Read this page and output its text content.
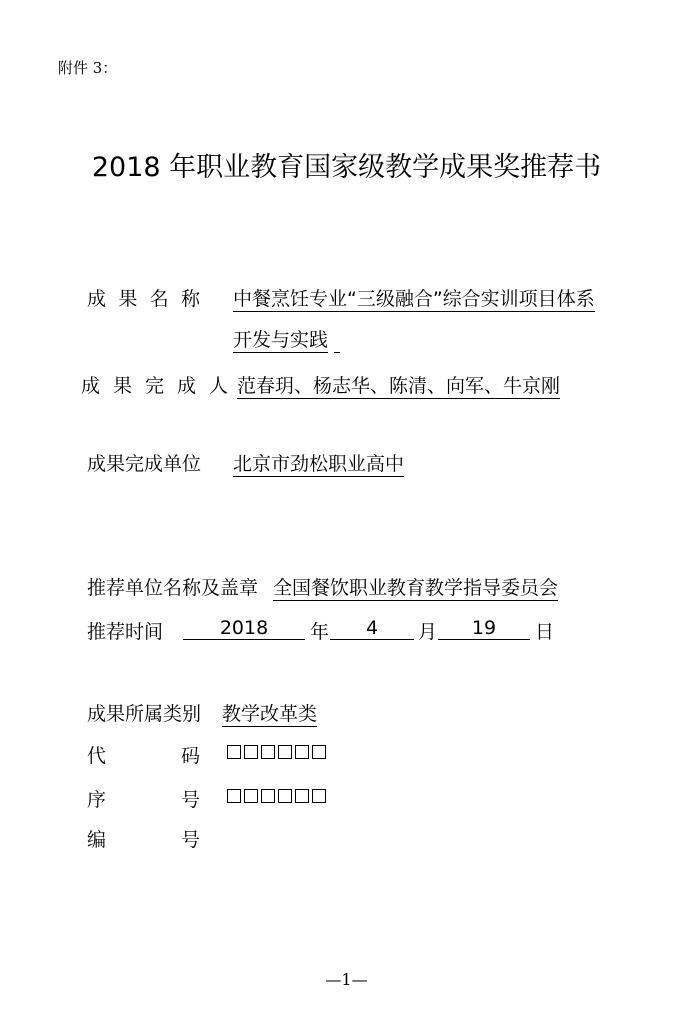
附件 3：
2018 年职业教育国家级教学成果奖推荐书
成 果 名 称 中餐烹饪专业“三级融合”综合实训项目体系
开发与实践
成 果 完 成 人 范春玥、杨志华、陈清、向军、牛京刚
成果完成单位 北京市劲松职业高中
推荐单位名称及盖章 全国餐饮职业教育教学指导委员会
推荐时间	2018	年	4	月	19	日
成果所属类别 教学改革类
代	码
序	号
编	号
—1—
